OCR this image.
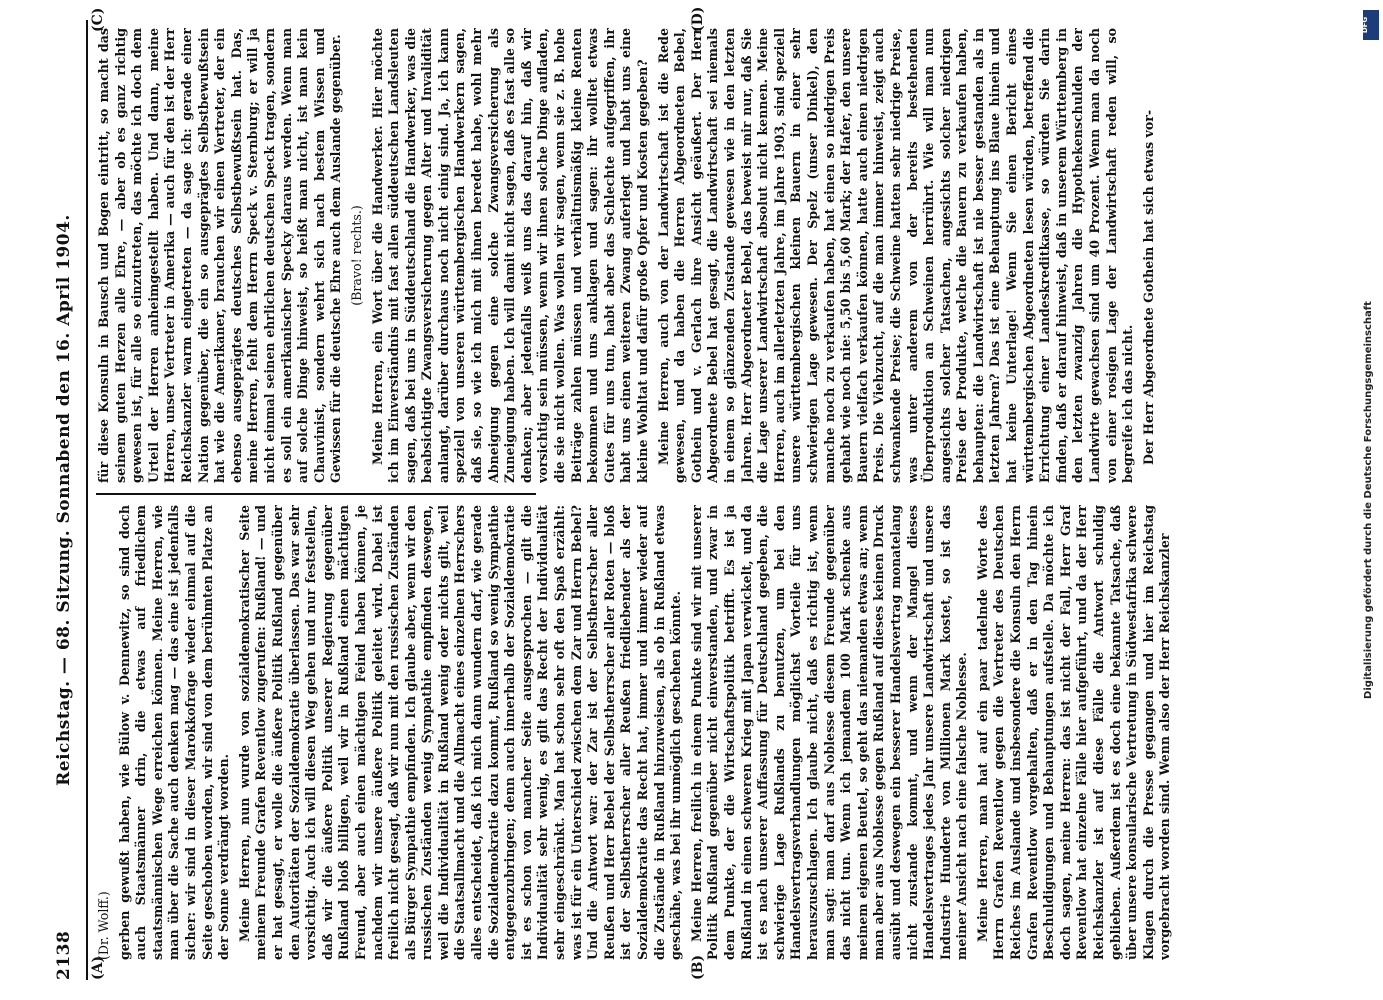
2138
Reichstag. — 68. Sitzung. Sonnabend den 16. April 1904.
(A)	(B)
(C)	(D)

(Dr. Wolff.) gerben gewußt haben, wie Bülow v. Dennewitz, so sind doch auch Staatsmänner drin, die etwas auf friedlichem staatsmännischen Wege erreichen können. Meine Herren, wie man über die Sache auch denken mag — das eine ist jedenfalls sicher: wir sind in dieser Marokkofrage wieder einmal auf die Seite geschoben worden, wir sind von dem berühmten Platze an der Sonne verdrängt worden. Meine Herren, nun wurde von sozialdemokratischer Seite meinem Freunde Grafen Reventlow zugerufen: Rußland! — und er hat gesagt, er wolle die äußere Politik Rußland gegenüber den Autoritäten der Sozialdemokratie überlassen. Das war sehr vorsichtig. Auch ich will diesen Weg gehen und nur feststellen, daß wir die äußere Politik unserer Regierung gegenüber Rußland bloß billigen, weil wir in Rußland einen mächtigen Freund, aber auch einen mächtigen Feind haben können, je nachdem wir unsere äußere Politik geleitet wird. Dabei ist freilich nicht gesagt, daß wir nun mit den russischen Zuständen als Bürger Sympathie empfinden. Ich glaube aber, wenn wir den russischen Zuständen wenig Sympathie empfinden deswegen, weil die Individualität in Rußland wenig oder nichts gilt, weil die Staatsallmacht und die Allmacht eines einzelnen Herrschers alles entscheidet, daß ich mich dann wundern darf, wie gerade die Sozialdemokratie dazu kommt, Rußland so wenig Sympathie entgegenzubringen; denn auch innerhalb der Sozialdemokratie ist es schon von mancher Seite ausgesprochen — gilt die Individualität sehr wenig, es gilt das Recht der Individualität sehr eingeschränkt. Man hat schon sehr oft den Spaß erzählt: was ist für ein Unterschied zwischen dem Zar und Herrn Bebel? Und die Antwort war: der Zar ist der Selbstherrscher aller Reußen und Herr Bebel der Selbstherrscher aller Roten — bloß ist der Selbstherrscher aller Reußen friedliebender als der Sozialdemokratie das Recht hat, immer und immer wieder auf die Zustände in Rußland hinzuweisen, als ob in Rußland etwas geschähe, was bei ihr unmöglich geschehen könnte. Meine Herren, freilich in einem Punkte sind wir mit unserer Politik Rußland gegenüber nicht einverstanden, und zwar in dem Punkte, der die Wirtschaftspolitik betrifft. Es ist ja Rußland in einen schweren Krieg mit Japan verwickelt, und da ist es nach unserer Auffassung für Deutschland gegeben, die schwierige Lage Rußlands zu benutzen, um bei den Handelsvertragsverhandlungen möglichst Vorteile für uns herauszuschlagen. Ich glaube nicht, daß es richtig ist, wenn man sagt: man darf aus Noblesse diesem Freunde gegenüber das nicht tun. Wenn ich jemandem 100 Mark schenke aus meinem eigenen Beutel, so geht das niemanden etwas an; wenn man aber aus Noblesse gegen Rußland auf dieses keinen Druck ausübt und deswegen ein besserer Handelsvertrag monatelang nicht zustande kommt, und wenn der Mangel dieses Handelsvertrages jedes Jahr unsere Landwirtschaft und unsere Industrie Hunderte von Millionen Mark kostet, so ist das meiner Ansicht nach eine falsche Noblesse. Meine Herren, man hat auf ein paar tadelnde Worte des Herrn Grafen Reventlow gegen die Vertreter des Deutschen Reiches im Auslande und insbesondere die Konsuln den Herrn Grafen Reventlow vorgehalten, daß er in den Tag hinein Beschuldigungen und Behauptungen aufstelle. Da möchte ich doch sagen, meine Herren: das ist nicht der Fall, Herr Graf Reventlow hat einzelne Fälle hier aufgeführt, und da der Herr Reichskanzler ist auf diese Fälle die Antwort schuldig geblieben. Außerdem ist es doch eine bekannte Tatsache, daß über unsere konsularische Vertretung in Südwestafrika schwere Klagen durch die Presse gegangen und hier im Reichstag vorgebracht worden sind. Wenn also der Herr Reichskanzler

für diese Konsuln in Bausch und Bogen eintritt, so macht das seinem guten Herzen alle Ehre, — aber ob es ganz richtig gewesen ist, für alle so einzutreten, das möchte ich doch dem Urteil der Herren anheimgestellt haben. Und dann, meine Herren, unser Vertreter in Amerika — auch für den ist der Herr Reichskanzler warm eingetreten — da sage ich: gerade einer Nation gegenüber, die ein so ausgeprägtes Selbstbewußtsein hat wie die Amerikaner, brauchen wir einen Vertreter, der ein ebenso ausgeprägtes deutsches Selbstbewußtsein hat. Das, meine Herren, fehlt dem Herrn Speck v. Sternburg; er will ja nicht einmal seinen ehrlichen deutschen Speck tragen, sondern es soll ein amerikanischer Specky daraus werden. Wenn man auf solche Dinge hinweist, so heißt man nicht, ist man kein Chauvinist, sondern wehrt sich nach bestem Wissen und Gewissen für die deutsche Ehre auch dem Auslande gegenüber. (Bravo! rechts.) Meine Herren, ein Wort über die Handwerker. Hier möchte ich im Einverständnis mit fast allen süddeutschen Landsleuten sagen, daß bei uns in Süddeutschland die Handwerker, was die beabsichtigte Zwangsversicherung gegen Alter und Invalidität anlangt, darüber durchaus noch nicht einig sind. Ja, ich kann speziell von unseren württembergischen Handwerkern sagen, daß sie, so wie ich mich mit ihnen beredet habe, wohl mehr Abneigung gegen eine solche Zwangsversicherung als Zuneigung haben. Ich will damit nicht sagen, daß es fast alle so denken; aber jedenfalls weiß uns das darauf hin, daß wir vorsichtig sein müssen, wenn wir ihnen solche Dinge aufladen, die sie nicht wollen. Was wollen wir sagen, wenn sie z. B. hohe Beiträge zahlen müssen und verhältnismäßig kleine Renten bekommen und uns anklagen und sagen: ihr wolltet etwas Gutes für uns tun, habt aber das Schlechte aufgegriffen, ihr habt uns einen weiteren Zwang auferlegt und habt uns eine kleine Wohltat und dafür große Opfer und Kosten gegeben? Meine Herren, auch von der Landwirtschaft ist die Rede gewesen, und da haben die Herren Abgeordneten Bebel, Gothein und v. Gerlach ihre Ansicht geäußert. Der Herr Abgeordnete Bebel hat gesagt, die Landwirtschaft sei niemals in einem so glänzenden Zustande gewesen wie in den letzten Jahren. Herr Abgeordneter Bebel, das beweist mir nur, daß Sie die Lage unserer Landwirtschaft absolut nicht kennen. Meine Herren, auch im allerletzten Jahre, im Jahre 1903, sind speziell unsere württembergischen kleinen Bauern in einer sehr schwierigen Lage gewesen. Der Spelz (unser Dinkel), den manche noch zu verkaufen haben, hat einen so niedrigen Preis gehabt wie noch nie: 5,50 bis 5,60 Mark; der Hafer, den unsere Bauern vielfach verkaufen können, hatte auch einen niedrigen Preis. Die Viehzucht, auf die man immer hinweist, zeigt auch schwankende Preise; die Schweine hatten sehr niedrige Preise, was unter anderem von der bereits bestehenden Überproduktion an Schweinen herrührt. Wie will man nun angesichts solcher Tatsachen, angesichts solcher niedrigen Preise der Produkte, welche die Bauern zu verkaufen haben, behaupten: die Landwirtschaft ist nie besser gestanden als in letzten Jahren? Das ist eine Behauptung ins Blaue hinein und hat keine Unterlage! Wenn Sie einen Bericht eines württembergischen Abgeordneten lesen würden, betreffend die Errichtung einer Landeskreditkasse, so würden Sie darin finden, daß er darauf hinweist, daß in unserem Württemberg in den letzten zwanzig Jahren die Hypothekenschulden der Landwirte gewachsen sind um 40 Prozent. Wenn man da noch von einer rosigen Lage der Landwirtschaft reden will, so begreife ich das nicht. Der Herr Abgeordnete Gothein hat sich etwas vor-

Digitalisierung gefördert durch die Deutsche Forschungsgemeinschaft
DFG
